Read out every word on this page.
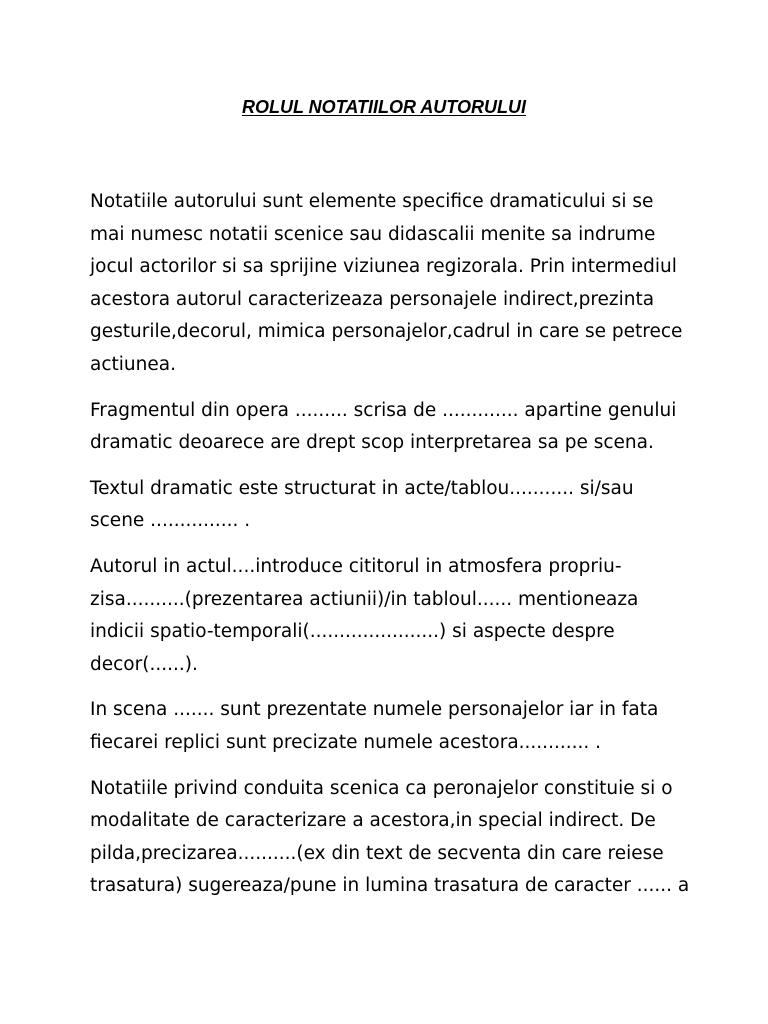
ROLUL NOTATIILOR AUTORULUI

Notatiile autorului sunt elemente specifice dramaticului si se
mai numesc notatii scenice sau didascalii menite sa indrume
jocul actorilor si sa sprijine viziunea regizorala. Prin intermediul
acestora autorul caracterizeaza personajele indirect,prezinta
gesturile,decorul, mimica personajelor,cadrul in care se petrece
actiunea.

Fragmentul din opera ......... scrisa de ............. apartine genului
dramatic deoarece are drept scop interpretarea sa pe scena.

Textul dramatic este structurat in acte/tablou........... si/sau
scene ............... .

Autorul in actul....introduce cititorul in atmosfera propriu-
zisa..........(prezentarea actiunii)/in tabloul...... mentioneaza
indicii spatio-temporali(......................) si aspecte despre
decor(......).

In scena ....... sunt prezentate numele personajelor iar in fata
fiecarei replici sunt precizate numele acestora............ .

Notatiile privind conduita scenica ca peronajelor constituie si o
modalitate de caracterizare a acestora,in special indirect. De
pilda,precizarea..........(ex din text de secventa din care reiese
trasatura) sugereaza/pune in lumina trasatura de caracter ...... a
